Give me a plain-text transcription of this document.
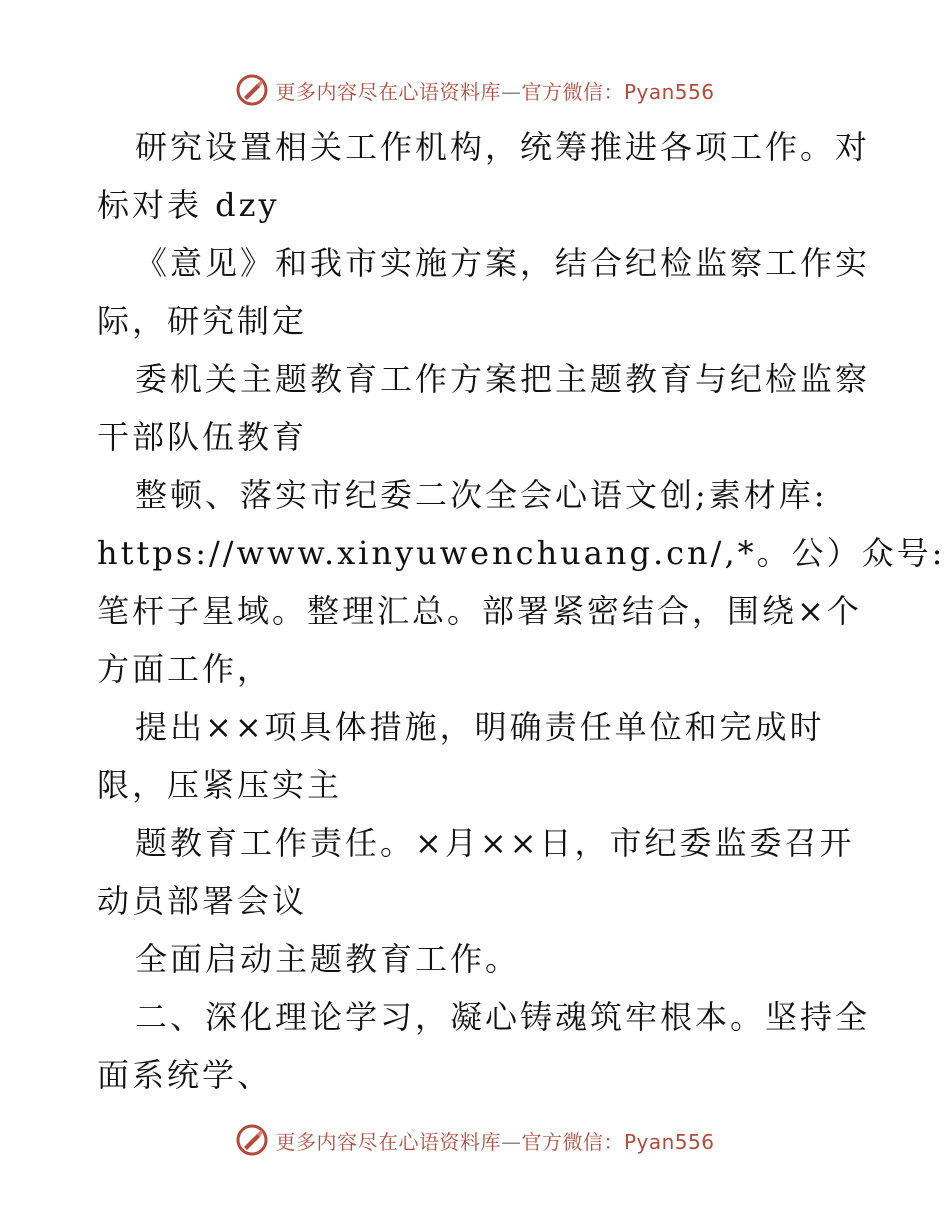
更多内容尽在心语资料库—官方微信：Pyan556
研究设置相关工作机构，统筹推进各项工作。对
标对表 dzy
《意见》和我市实施方案，结合纪检监察工作实
际，研究制定
委机关主题教育工作方案把主题教育与纪检监察
干部队伍教育
整顿、落实市纪委二次全会心语文创;素材库:
https://www.xinyuwenchuang.cn/,*。公）众号:
笔杆子星域。整理汇总。部署紧密结合，围绕×个
方面工作，
提出××项具体措施，明确责任单位和完成时
限，压紧压实主
题教育工作责任。×月××日，市纪委监委召开
动员部署会议
全面启动主题教育工作。
二、深化理论学习，凝心铸魂筑牢根本。坚持全
面系统学、
更多内容尽在心语资料库—官方微信：Pyan556
